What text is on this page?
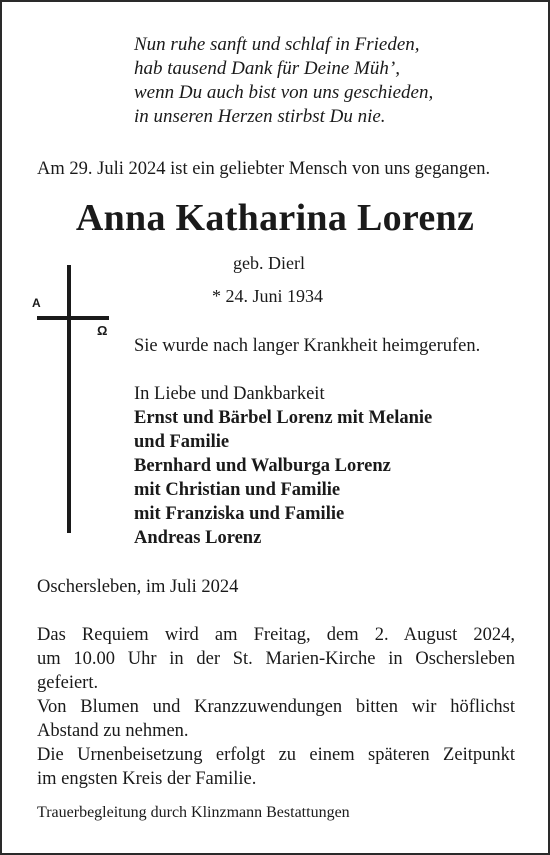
Nun ruhe sanft und schlaf in Frieden,
hab tausend Dank für Deine Müh’,
wenn Du auch bist von uns geschieden,
in unseren Herzen stirbst Du nie.
Am 29. Juli 2024 ist ein geliebter Mensch von uns gegangen.
Anna Katharina Lorenz
geb. Dierl
* 24. Juni 1934
A
Ω
Sie wurde nach langer Krankheit heimgerufen.
In Liebe und Dankbarkeit
Ernst und Bärbel Lorenz mit Melanie
und Familie
Bernhard und Walburga Lorenz
mit Christian und Familie
mit Franziska und Familie
Andreas Lorenz
Oschersleben, im Juli 2024
Das Requiem wird am Freitag, dem 2. August 2024,
um 10.00 Uhr in der St. Marien-Kirche in Oschersleben
gefeiert.
Von Blumen und Kranzzuwendungen bitten wir höflichst
Abstand zu nehmen.
Die Urnenbeisetzung erfolgt zu einem späteren Zeitpunkt
im engsten Kreis der Familie.
Trauerbegleitung durch Klinzmann Bestattungen
